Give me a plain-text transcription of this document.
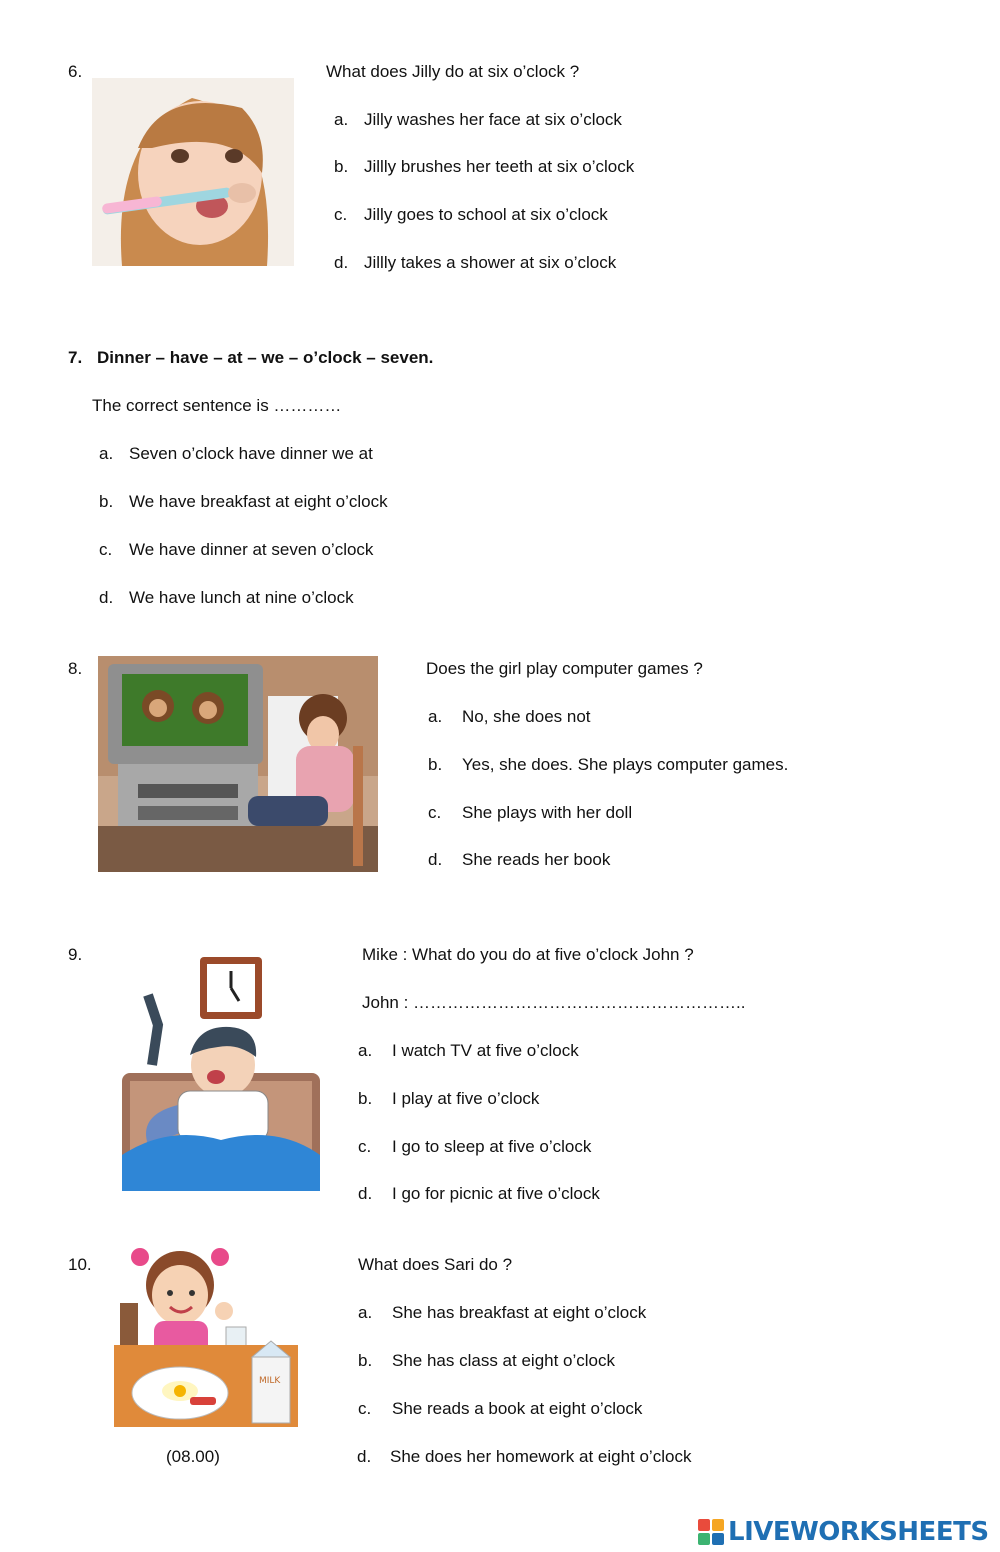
6.	What does Jilly do at six o’clock ?
a. Jilly washes her face at six o’clock
b. Jillly brushes her teeth at six o’clock
c. Jilly goes to school at six o’clock
d. Jillly takes a shower at six o’clock
7. Dinner – have – at – we – o’clock – seven.
The correct sentence is …………
a. Seven o’clock have dinner we at
b. We have breakfast at eight o’clock
c. We have dinner at seven o’clock
d. We have lunch at nine o’clock
8.	Does the girl play computer games ?
a. No, she does not
b. Yes, she does. She plays computer games.
c. She plays with her doll
d. She reads her book
9.	Mike : What do you do at five o’clock John ?
John : …………………………………………………..
a. I watch TV at five o’clock
b. I play at five o’clock
c. I go to sleep at five o’clock
d. I go for picnic at five o’clock
10.
MILK
(08.00)
What does Sari do ?
a. She has breakfast at eight o’clock
b. She has class at eight o’clock
c. She reads a book at eight o’clock
d. She does her homework at eight o’clock
LIVEWORKSHEETS
